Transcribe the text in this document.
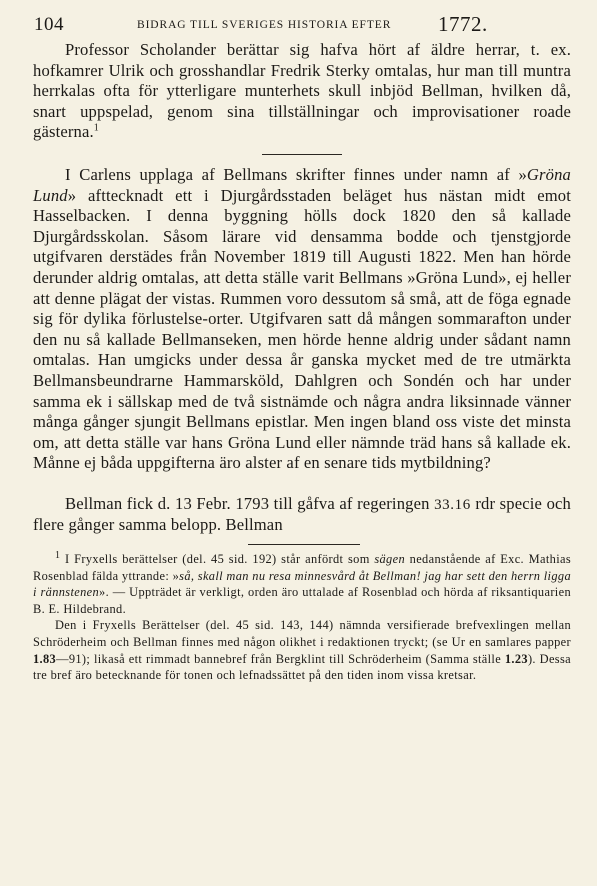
104	BIDRAG TILL SVERIGES HISTORIA EFTER 1772.

Professor Scholander berättar sig hafva hört af äldre herrar, t. ex. hofkamrer Ulrik och grosshandlar Fredrik Sterky omtalas, hur man till muntra herrkalas ofta för ytterligare munterhets skull inbjöd Bellman, hvilken då, snart uppspelad, genom sina tillställningar och improvisationer roade gästerna.$^1$

I Carlens upplaga af Bellmans skrifter finnes under namn af »Gröna Lund» afttecknadt ett i Djurgårdsstaden beläget hus nästan midt emot Hasselbacken. I denna byggning hölls dock 1820 den så kallade Djurgårdsskolan. Såsom lärare vid densamma bodde och tjenstgjorde utgifvaren derstädes från November 1819 till Augusti 1822. Men han hörde derunder aldrig omtalas, att detta ställe varit Bellmans »Gröna Lund», ej heller att denne plägat der vistas. Rummen voro dessutom så små, att de föga egnade sig för dylika förlustelse-orter. Utgifvaren satt då mången sommarafton under den nu så kallade Bellmanseken, men hörde henne aldrig under sådant namn omtalas. Han umgicks under dessa år ganska mycket med de tre utmärkta Bellmansbeundrarne Hammarsköld, Dahlgren och Sondén och har under samma ek i sällskap med de två sistnämde och några andra liksinnade vänner många gånger sjungit Bellmans epistlar. Men ingen bland oss viste det minsta om, att detta ställe var hans Gröna Lund eller nämnde träd hans så kallade ek. Månne ej båda uppgifterna äro alster af en senare tids mytbildning?

Bellman fick d. 13 Febr. 1793 till gåfva af regeringen 33.16 rdr specie och flere gånger samma belopp. Bellman

$^1$ I Fryxells berättelser (del. 45 sid. 192) står anfördt som sägen nedanstående af Exc. Mathias Rosenblad fälda yttrande: »så, skall man nu resa minnesvård åt Bellman! jag har sett den herrn ligga i rännstenen». — Uppträdet är verkligt, orden äro uttalade af Rosenblad och hörda af riksantiquarien B. E. Hildebrand.

Den i Fryxells Berättelser (del. 45 sid. 143, 144) nämnda versifierade brefvexlingen mellan Schröderheim och Bellman finnes med någon olikhet i redaktionen tryckt; (se Ur en samlares papper 1.83—91); likaså ett rimmadt bannebref från Bergklint till Schröderheim (Samma ställe 1.23). Dessa tre bref äro betecknande för tonen och lefnadssättet på den tiden inom vissa kretsar.
